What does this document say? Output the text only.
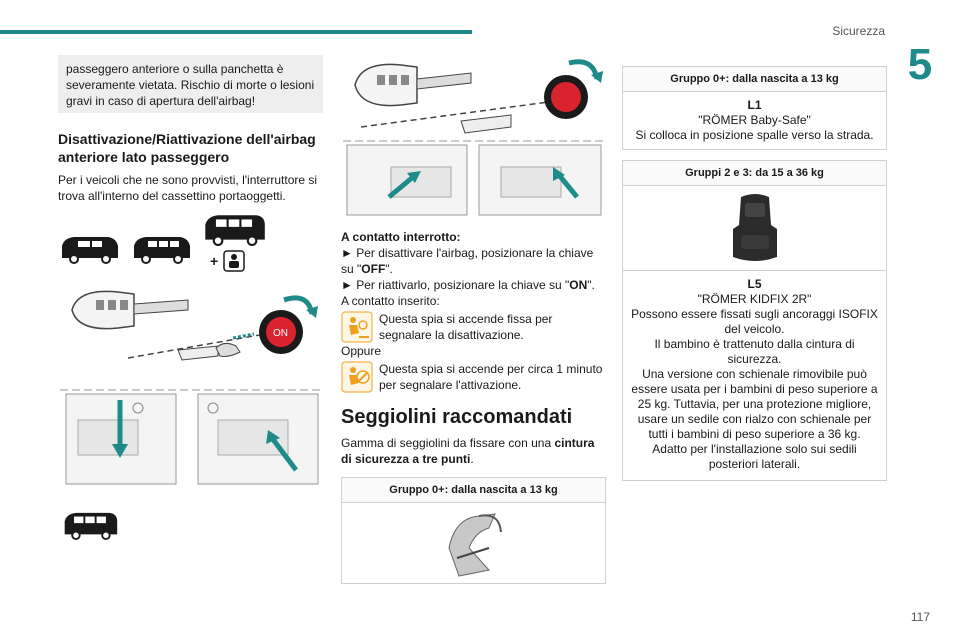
Sicurezza
5
passeggero anteriore o sulla panchetta è severamente vietata. Rischio di morte o lesioni gravi in caso di apertura dell'airbag!
Disattivazione/Riattivazione dell'airbag anteriore lato passeggero

Per i veicoli che ne sono provvisti, l'interruttore si trova all'interno del cassettino portaoggetti.

+
ON

A contatto interrotto:

► Per disattivare l'airbag, posizionare la chiave su "OFF".

► Per riattivarlo, posizionare la chiave su "ON".

A contatto inserito:

Questa spia si accende fissa per segnalare la disattivazione.

Oppure

Questa spia si accende per circa 1 minuto per segnalare l'attivazione.
Seggiolini raccomandati

Gamma di seggiolini da fissare con una cintura di sicurezza a tre punti.

Gruppo 0+: dalla nascita a 13 kg
Gruppo 0+: dalla nascita a 13 kg
L1
"RÖMER Baby-Safe"
Si colloca in posizione spalle verso la strada.
Gruppi 2 e 3: da 15 a 36 kg
L5
"RÖMER KIDFIX 2R"
Possono essere fissati sugli ancoraggi ISOFIX del veicolo.
Il bambino è trattenuto dalla cintura di sicurezza.
Una versione con schienale rimovibile può essere usata per i bambini di peso superiore a 25 kg. Tuttavia, per una protezione migliore, usare un sedile con rialzo con schienale per tutti i bambini di peso superiore a 36 kg.
Adatto per l'installazione solo sui sedili posteriori laterali.
117
